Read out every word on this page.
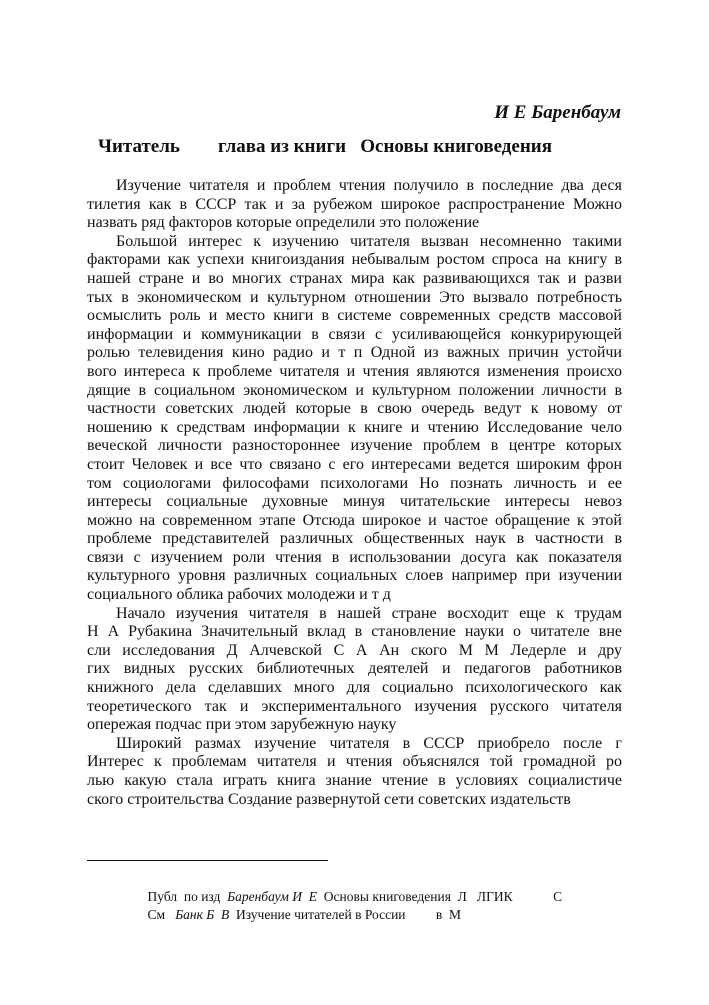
И Е Баренбаум
Читатель        глава из книги   Основы книговедения
Изучение читателя и проблем чтения получило в последние два деся
тилетия как в СССР так и за рубежом широкое распространение Можно
назвать ряд факторов которые определили это положение
Большой интерес к изучению читателя вызван несомненно такими
факторами как успехи книгоиздания небывалым ростом спроса на книгу в
нашей стране и во многих странах мира как развивающихся так и разви
тых в экономическом и культурном отношении Это вызвало потребность
осмыслить роль и место книги в системе современных средств массовой
информации и коммуникации в связи с усиливающейся конкурирующей
ролью телевидения кино радио и т п Одной из важных причин устойчи
вого интереса к проблеме читателя и чтения являются изменения происхо
дящие в социальном экономическом и культурном положении личности в
частности советских людей которые в свою очередь ведут к новому от
ношению к средствам информации к книге и чтению Исследование чело
веческой личности разностороннее изучение проблем в центре которых
стоит Человек и все что связано с его интересами ведется широким фрон
том социологами философами психологами Но познать личность и ее
интересы социальные духовные минуя читательские интересы невоз
можно на современном этапе Отсюда широкое и частое обращение к этой
проблеме представителей различных общественных наук в частности в
связи с изучением роли чтения в использовании досуга как показателя
культурного уровня различных социальных слоев например при изучении
социального облика рабочих молодежи и т д
Начало изучения читателя в нашей стране восходит еще к трудам
Н А Рубакина Значительный вклад в становление науки о читателе вне
сли исследования Д Алчевской С А Ан ского М М Ледерле и дру
гих видных русских библиотечных деятелей и педагогов работников
книжного дела сделавших много для социально психологического как
теоретического так и экспериментального изучения русского читателя
опережая подчас при этом зарубежную науку
Широкий размах изучение читателя в СССР приобрело после г
Интерес к проблемам читателя и чтения объяснялся той громадной ро
лью какую стала играть книга знание чтение в условиях социалистиче
ского строительства Создание развернутой сети советских издательств

Публ  по изд  Баренбаум И  Е  Основы книговедения  Л   ЛГИК            С

См   Банк Б  В  Изучение читателей в России         в  М
